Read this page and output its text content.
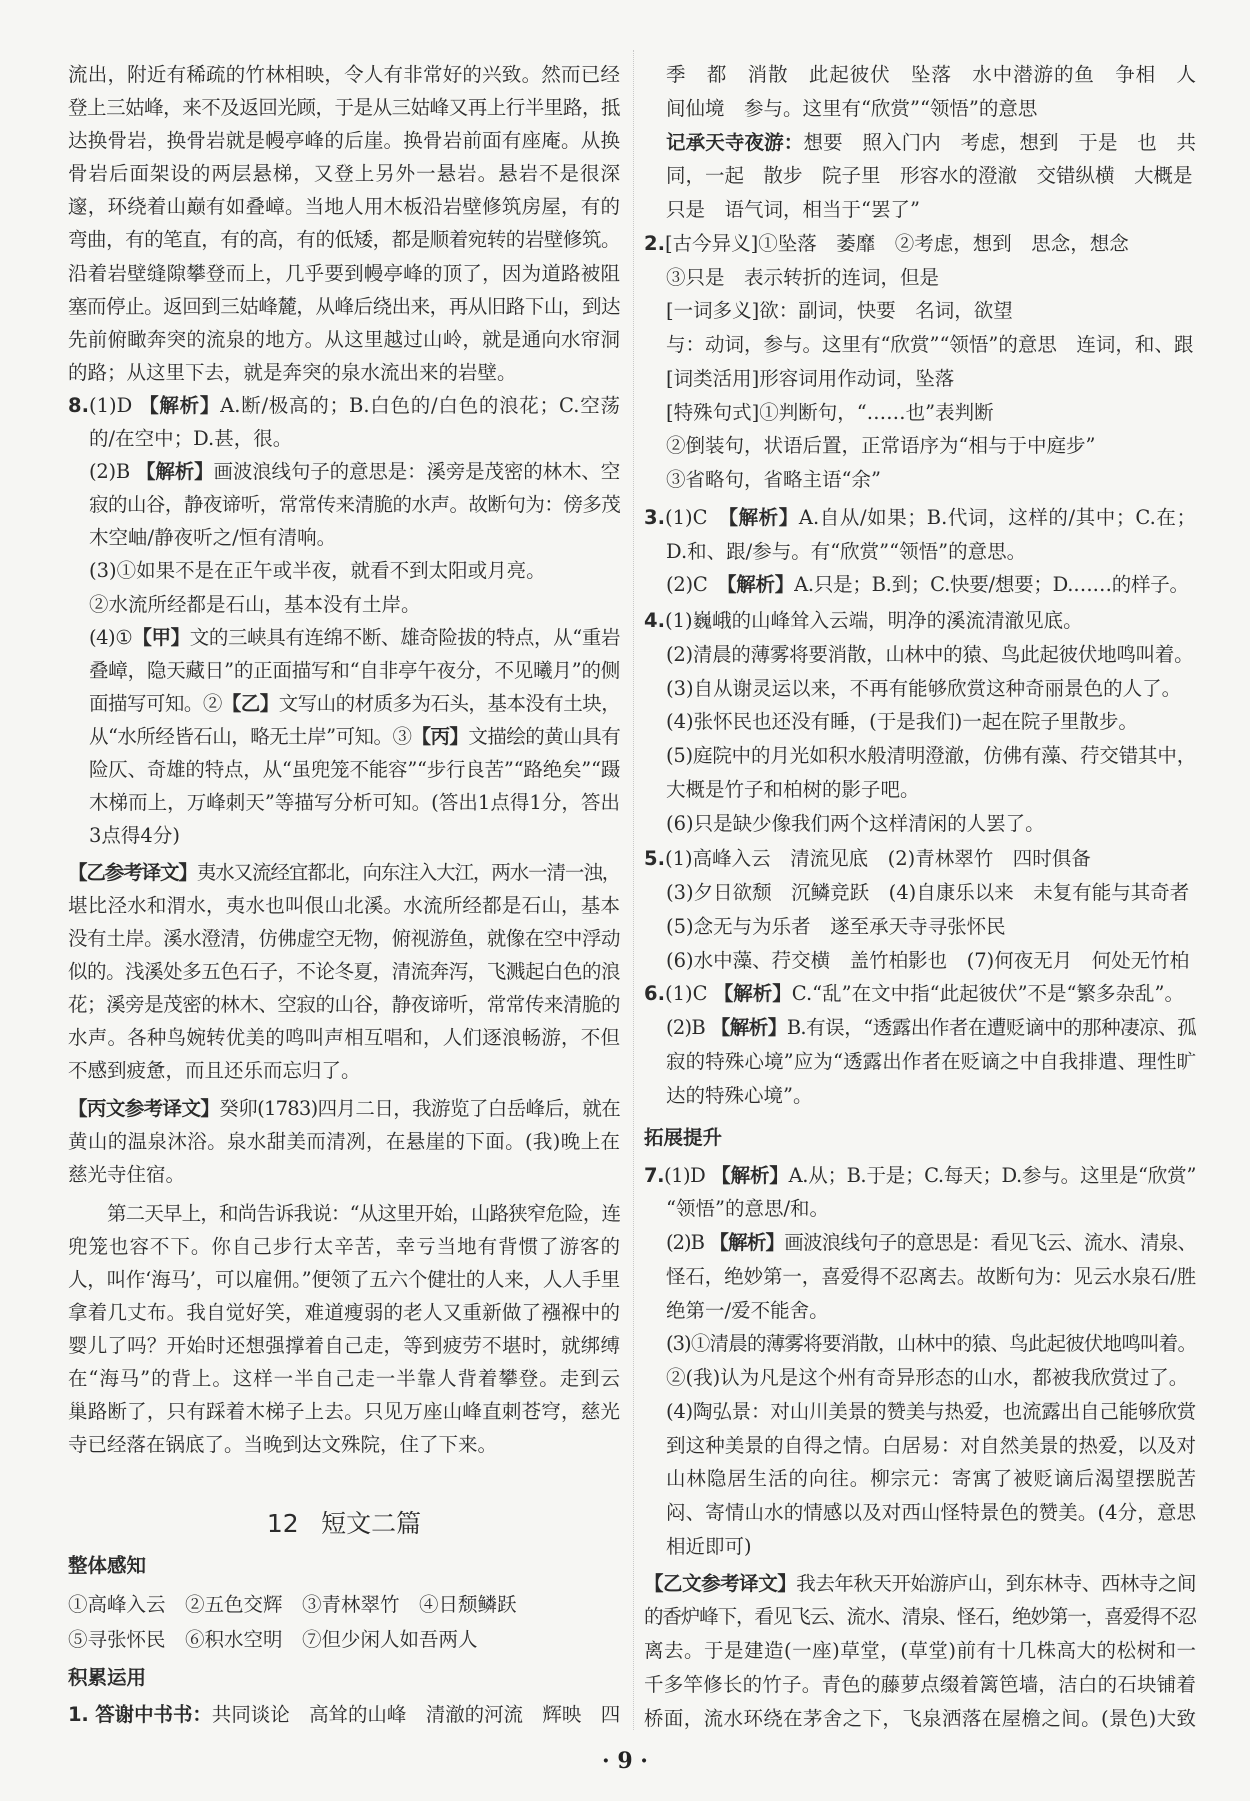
流出，附近有稀疏的竹林相映，令人有非常好的兴致。然而已经
登上三姑峰，来不及返回光顾，于是从三姑峰又再上行半里路，抵
达换骨岩，换骨岩就是幔亭峰的后崖。换骨岩前面有座庵。从换
骨岩后面架设的两层悬梯，又登上另外一悬岩。悬岩不是很深
邃，环绕着山巅有如叠嶂。当地人用木板沿岩壁修筑房屋，有的
弯曲，有的笔直，有的高，有的低矮，都是顺着宛转的岩壁修筑。
沿着岩壁缝隙攀登而上，几乎要到幔亭峰的顶了，因为道路被阻
塞而停止。返回到三姑峰麓，从峰后绕出来，再从旧路下山，到达
先前俯瞰奔突的流泉的地方。从这里越过山岭，就是通向水帘洞
的路；从这里下去，就是奔突的泉水流出来的岩壁。
8.(1)D 【解析】A.断/极高的；B.白色的/白色的浪花；C.空荡
的/在空中；D.甚，很。
(2)B 【解析】画波浪线句子的意思是：溪旁是茂密的林木、空
寂的山谷，静夜谛听，常常传来清脆的水声。故断句为：傍多茂
木空岫/静夜听之/恒有清响。
(3)①如果不是在正午或半夜，就看不到太阳或月亮。
②水流所经都是石山，基本没有土岸。
(4)①【甲】文的三峡具有连绵不断、雄奇险拔的特点，从“重岩
叠嶂，隐天藏日”的正面描写和“自非亭午夜分，不见曦月”的侧
面描写可知。②【乙】文写山的材质多为石头，基本没有土块，
从“水所经皆石山，略无土岸”可知。③【丙】文描绘的黄山具有
险仄、奇雄的特点，从“虽兜笼不能容”“步行良苦”“路绝矣”“蹑
木梯而上，万峰刺天”等描写分析可知。(答出1点得1分，答出
3点得4分)
【乙参考译文】夷水又流经宜都北，向东注入大江，两水一清一浊，
堪比泾水和渭水，夷水也叫佷山北溪。水流所经都是石山，基本
没有土岸。溪水澄清，仿佛虚空无物，俯视游鱼，就像在空中浮动
似的。浅溪处多五色石子，不论冬夏，清流奔泻，飞溅起白色的浪
花；溪旁是茂密的林木、空寂的山谷，静夜谛听，常常传来清脆的
水声。各种鸟婉转优美的鸣叫声相互唱和，人们逐浪畅游，不但
不感到疲惫，而且还乐而忘归了。
【丙文参考译文】癸卯(1783)四月二日，我游览了白岳峰后，就在
黄山的温泉沐浴。泉水甜美而清冽，在悬崖的下面。(我)晚上在
慈光寺住宿。
第二天早上，和尚告诉我说：“从这里开始，山路狭窄危险，连
兜笼也容不下。你自己步行太辛苦，幸亏当地有背惯了游客的
人，叫作‘海马’，可以雇佣。”便领了五六个健壮的人来，人人手里
拿着几丈布。我自觉好笑，难道瘦弱的老人又重新做了襁褓中的
婴儿了吗？开始时还想强撑着自己走，等到疲劳不堪时，就绑缚
在“海马”的背上。这样一半自己走一半靠人背着攀登。走到云
巢路断了，只有踩着木梯子上去。只见万座山峰直刺苍穹，慈光
寺已经落在锅底了。当晚到达文殊院，住了下来。
12 短文二篇
整体感知
①高峰入云　②五色交辉　③青林翠竹　④日颓鳞跃
⑤寻张怀民　⑥积水空明　⑦但少闲人如吾两人
积累运用
1. 答谢中书书：共同谈论　高耸的山峰　清澈的河流　辉映　四
季　都　消散　此起彼伏　坠落　水中潜游的鱼　争相　人
间仙境　参与。这里有“欣赏”“领悟”的意思
记承天寺夜游：想要　照入门内　考虑，想到　于是　也　共
同，一起　散步　院子里　形容水的澄澈　交错纵横　大概是
只是　语气词，相当于“罢了”
2.[古今异义]①坠落　萎靡　②考虑，想到　思念，想念
③只是　表示转折的连词，但是
[一词多义]欲：副词，快要　名词，欲望
与：动词，参与。这里有“欣赏”“领悟”的意思　连词，和、跟
[词类活用]形容词用作动词，坠落
[特殊句式]①判断句，“……也”表判断
②倒装句，状语后置，正常语序为“相与于中庭步”
③省略句，省略主语“余”
3.(1)C　【解析】A.自从/如果；B.代词，这样的/其中；C.在；
D.和、跟/参与。有“欣赏”“领悟”的意思。
(2)C　【解析】A.只是；B.到；C.快要/想要；D.……的样子。
4.(1)巍峨的山峰耸入云端，明净的溪流清澈见底。
(2)清晨的薄雾将要消散，山林中的猿、鸟此起彼伏地鸣叫着。
(3)自从谢灵运以来，不再有能够欣赏这种奇丽景色的人了。
(4)张怀民也还没有睡，(于是我们)一起在院子里散步。
(5)庭院中的月光如积水般清明澄澈，仿佛有藻、荇交错其中，
大概是竹子和柏树的影子吧。
(6)只是缺少像我们两个这样清闲的人罢了。
5.(1)高峰入云　清流见底　(2)青林翠竹　四时俱备
(3)夕日欲颓　沉鳞竞跃　(4)自康乐以来　未复有能与其奇者
(5)念无与为乐者　遂至承天寺寻张怀民
(6)水中藻、荇交横　盖竹柏影也　(7)何夜无月　何处无竹柏
6.(1)C 【解析】C.“乱”在文中指“此起彼伏”不是“繁多杂乱”。
(2)B 【解析】B.有误，“透露出作者在遭贬谪中的那种凄凉、孤
寂的特殊心境”应为“透露出作者在贬谪之中自我排遣、理性旷
达的特殊心境”。
拓展提升
7.(1)D 【解析】A.从；B.于是；C.每天；D.参与。这里是“欣赏”
“领悟”的意思/和。
(2)B 【解析】画波浪线句子的意思是：看见飞云、流水、清泉、
怪石，绝妙第一，喜爱得不忍离去。故断句为：见云水泉石/胜
绝第一/爱不能舍。
(3)①清晨的薄雾将要消散，山林中的猿、鸟此起彼伏地鸣叫着。
②(我)认为凡是这个州有奇异形态的山水，都被我欣赏过了。
(4)陶弘景：对山川美景的赞美与热爱，也流露出自己能够欣赏
到这种美景的自得之情。白居易：对自然美景的热爱，以及对
山林隐居生活的向往。柳宗元：寄寓了被贬谪后渴望摆脱苦
闷、寄情山水的情感以及对西山怪特景色的赞美。(4分，意思
相近即可)
【乙文参考译文】我去年秋天开始游庐山，到东林寺、西林寺之间
的香炉峰下，看见飞云、流水、清泉、怪石，绝妙第一，喜爱得不忍
离去。于是建造(一座)草堂，(草堂)前有十几株高大的松树和一
千多竿修长的竹子。青色的藤萝点缀着篱笆墙，洁白的石块铺着
桥面，流水环绕在茅舍之下，飞泉洒落在屋檐之间。(景色)大致
· 9 ·
